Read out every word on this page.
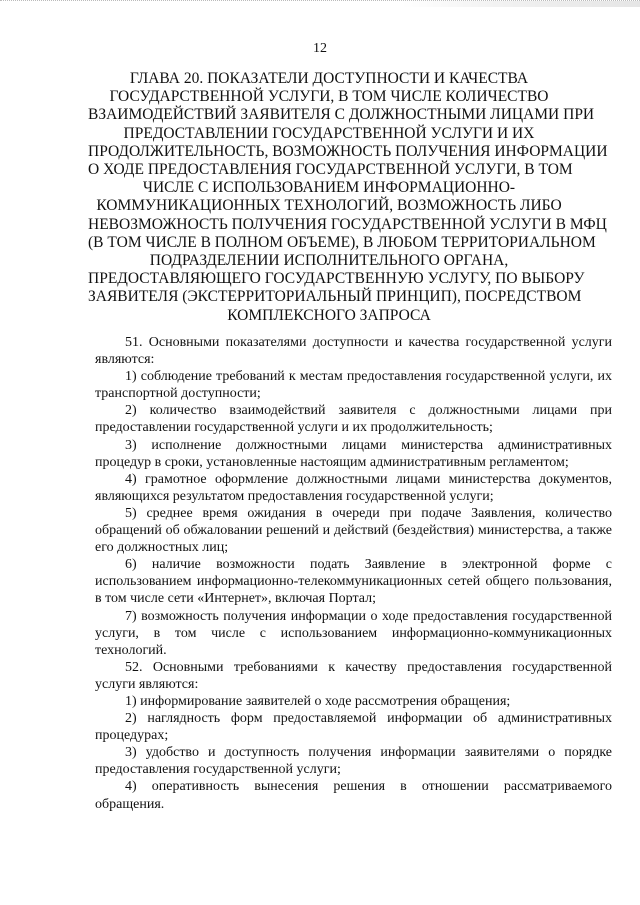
12
ГЛАВА 20. ПОКАЗАТЕЛИ ДОСТУПНОСТИ И КАЧЕСТВА
ГОСУДАРСТВЕННОЙ УСЛУГИ, В ТОМ ЧИСЛЕ КОЛИЧЕСТВО
ВЗАИМОДЕЙСТВИЙ ЗАЯВИТЕЛЯ С ДОЛЖНОСТНЫМИ ЛИЦАМИ ПРИ
ПРЕДОСТАВЛЕНИИ ГОСУДАРСТВЕННОЙ УСЛУГИ И ИХ
ПРОДОЛЖИТЕЛЬНОСТЬ, ВОЗМОЖНОСТЬ ПОЛУЧЕНИЯ ИНФОРМАЦИИ
О ХОДЕ ПРЕДОСТАВЛЕНИЯ ГОСУДАРСТВЕННОЙ УСЛУГИ, В ТОМ
ЧИСЛЕ С ИСПОЛЬЗОВАНИЕМ ИНФОРМАЦИОННО-
КОММУНИКАЦИОННЫХ ТЕХНОЛОГИЙ, ВОЗМОЖНОСТЬ ЛИБО
НЕВОЗМОЖНОСТЬ ПОЛУЧЕНИЯ ГОСУДАРСТВЕННОЙ УСЛУГИ В МФЦ
(В ТОМ ЧИСЛЕ В ПОЛНОМ ОБЪЕМЕ), В ЛЮБОМ ТЕРРИТОРИАЛЬНОМ
ПОДРАЗДЕЛЕНИИ ИСПОЛНИТЕЛЬНОГО ОРГАНА,
ПРЕДОСТАВЛЯЮЩЕГО ГОСУДАРСТВЕННУЮ УСЛУГУ, ПО ВЫБОРУ
ЗАЯВИТЕЛЯ (ЭКСТЕРРИТОРИАЛЬНЫЙ ПРИНЦИП), ПОСРЕДСТВОМ
КОМПЛЕКСНОГО ЗАПРОСА

51. Основными показателями доступности и качества государственной услуги являются:

1) соблюдение требований к местам предоставления государственной услуги, их транспортной доступности;

2) количество взаимодействий заявителя с должностными лицами при предоставлении государственной услуги и их продолжительность;

3) исполнение должностными лицами министерства административных процедур в сроки, установленные настоящим административным регламентом;

4) грамотное оформление должностными лицами министерства документов, являющихся результатом предоставления государственной услуги;

5) среднее время ожидания в очереди при подаче Заявления, количество обращений об обжаловании решений и действий (бездействия) министерства, а также его должностных лиц;

6) наличие возможности подать Заявление в электронной форме с использованием информационно-телекоммуникационных сетей общего пользования, в том числе сети «Интернет», включая Портал;

7) возможность получения информации о ходе предоставления государственной услуги, в том числе с использованием информационно-коммуникационных технологий.

52. Основными требованиями к качеству предоставления государственной услуги являются:

1) информирование заявителей о ходе рассмотрения обращения;

2) наглядность форм предоставляемой информации об административных процедурах;

3) удобство и доступность получения информации заявителями о порядке предоставления государственной услуги;

4) оперативность вынесения решения в отношении рассматриваемого обращения.
